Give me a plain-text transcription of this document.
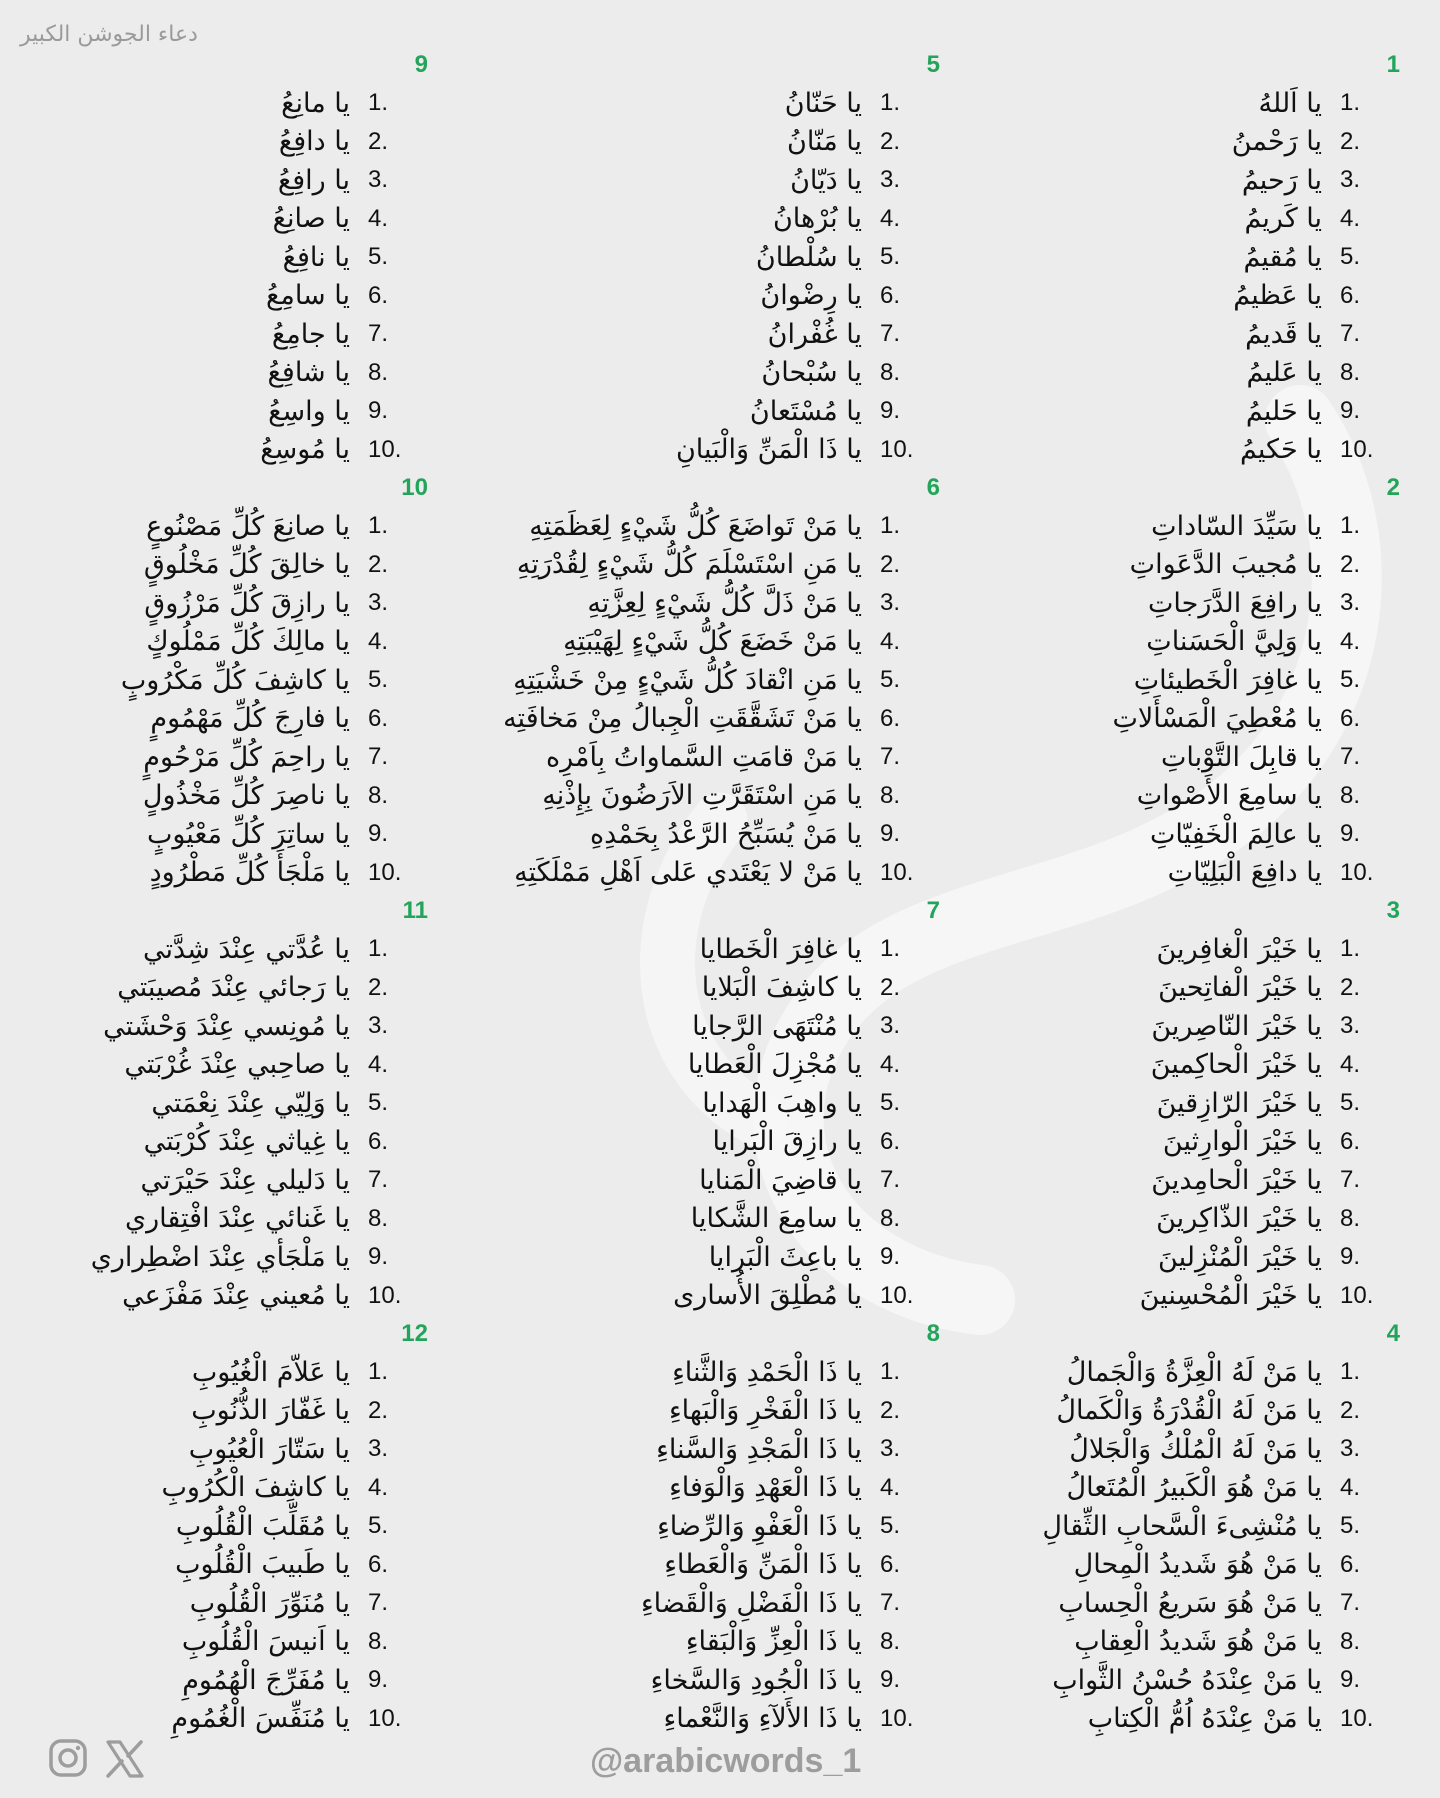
دعاء الجوشن الكبير
1
1.
يا اَللهُ
2.
يا رَحْمنُ
3.
يا رَحيمُ
4.
يا كَريمُ
5.
يا مُقيمُ
6.
يا عَظيمُ
7.
يا قَديمُ
8.
يا عَليمُ
9.
يا حَليمُ
10.
يا حَكيمُ
2
1.
يا سَيِّدَ السّاداتِ
2.
يا مُجيبَ الدَّعَواتِ
3.
يا رافِعَ الدَّرَجاتِ
4.
يا وَلِيَّ الْحَسَناتِ
5.
يا غافِرَ الْخَطيئاتِ
6.
يا مُعْطِيَ الْمَسْأَلاتِ
7.
يا قابِلَ التَّوْباتِ
8.
يا سامِعَ الأَصْواتِ
9.
يا عالِمَ الْخَفِيّاتِ
10.
يا دافِعَ الْبَلِيّاتِ
3
1.
يا خَيْرَ الْغافِرينَ
2.
يا خَيْرَ الْفاتِحينَ
3.
يا خَيْرَ النّاصِرينَ
4.
يا خَيْرَ الْحاكِمينَ
5.
يا خَيْرَ الرّازِقينَ
6.
يا خَيْرَ الْوارِثينَ
7.
يا خَيْرَ الْحامِدينَ
8.
يا خَيْرَ الذّاكِرينَ
9.
يا خَيْرَ الْمُنْزِلينَ
10.
يا خَيْرَ الْمُحْسِنينَ
4
1.
يا مَنْ لَهُ الْعِزَّةُ وَالْجَمالُ
2.
يا مَنْ لَهُ الْقُدْرَةُ وَالْكَمالُ
3.
يا مَنْ لَهُ الْمُلْكُ وَالْجَلالُ
4.
يا مَنْ هُوَ الْكَبيرُ الْمُتَعالُ
5.
يا مُنْشِىءَ الْسَّحابِ الثِّقالِ
6.
يا مَنْ هُوَ شَديدُ الْمِحالِ
7.
يا مَنْ هُوَ سَريعُ الْحِسابِ
8.
يا مَنْ هُوَ شَديدُ الْعِقابِ
9.
يا مَنْ عِنْدَهُ حُسْنُ الثَّوابِ
10.
يا مَنْ عِنْدَهُ اُمُّ الْكِتابِ
5
1.
يا حَنّانُ
2.
يا مَنّانُ
3.
يا دَيّانُ
4.
يا بُرْهانُ
5.
يا سُلْطانُ
6.
يا رِضْوانُ
7.
يا غُفْرانُ
8.
يا سُبْحانُ
9.
يا مُسْتَعانُ
10.
يا ذَا الْمَنِّ وَالْبَيانِ
6
1.
يا مَنْ تَواضَعَ كُلُّ شَيْءٍ لِعَظَمَتِهِ
2.
يا مَنِ اسْتَسْلَمَ كُلُّ شَيْءٍ لِقُدْرَتِهِ
3.
يا مَنْ ذَلَّ كُلُّ شَيْءٍ لِعِزَّتِهِ
4.
يا مَنْ خَضَعَ كُلُّ شَيْءٍ لِهَيْبَتِهِ
5.
يا مَنِ انْقادَ كُلُّ شَيْءٍ مِنْ خَشْيَتِهِ
6.
يا مَنْ تَشَقَّقَتِ الْجِبالُ مِنْ مَخافَتِه
7.
يا مَنْ قامَتِ السَّماواتُ بِاَمْرِه
8.
يا مَنِ اسْتَقَرَّتِ الاَرَضُونَ بِإِذْنِهِ
9.
يا مَنْ يُسَبِّحُ الرَّعْدُ بِحَمْدِهِ
10.
يا مَنْ لا يَعْتَدي عَلى اَهْلِ مَمْلَكَتِهِ
7
1.
يا غافِرَ الْخَطايا
2.
يا كاشِفَ الْبَلايا
3.
يا مُنْتَهَى الرَّجايا
4.
يا مُجْزِلَ الْعَطايا
5.
يا واهِبَ الْهَدايا
6.
يا رازِقَ الْبَرايا
7.
يا قاضِيَ الْمَنايا
8.
يا سامِعَ الشَّكايا
9.
يا باعِثَ الْبَرايا
10.
يا مُطْلِقَ الأُسارى
8
1.
يا ذَا الْحَمْدِ وَالثَّناءِ
2.
يا ذَا الْفَخْرِ وَالْبَهاءِ
3.
يا ذَا الْمَجْدِ وَالسَّناءِ
4.
يا ذَا الْعَهْدِ وَالْوَفاءِ
5.
يا ذَا الْعَفْوِ وَالرِّضاءِ
6.
يا ذَا الْمَنِّ وَالْعَطاءِ
7.
يا ذَا الْفَضْلِ وَالْقَضاءِ
8.
يا ذَا الْعِزِّ وَالْبَقاءِ
9.
يا ذَا الْجُودِ وَالسَّخاءِ
10.
يا ذَا الأَلآءِ وَالنَّعْماءِ
9
1.
يا مانِعُ
2.
يا دافِعُ
3.
يا رافِعُ
4.
يا صانِعُ
5.
يا نافِعُ
6.
يا سامِعُ
7.
يا جامِعُ
8.
يا شافِعُ
9.
يا واسِعُ
10.
يا مُوسِعُ
10
1.
يا صانِعَ كُلِّ مَصْنُوعٍ
2.
يا خالِقَ كُلِّ مَخْلُوقٍ
3.
يا رازِقَ كُلِّ مَرْزُوقٍ
4.
يا مالِكَ كُلِّ مَمْلُوكٍ
5.
يا كاشِفَ كُلِّ مَكْرُوبٍ
6.
يا فارِجَ كُلِّ مَهْمُومٍ
7.
يا راحِمَ كُلِّ مَرْحُومٍ
8.
يا ناصِرَ كُلِّ مَخْذُولٍ
9.
يا ساتِرَ كُلِّ مَعْيُوبٍ
10.
يا مَلْجَأَ كُلِّ مَطْرُودٍ
11
1.
يا عُدَّتي عِنْدَ شِدَّتي
2.
يا رَجائي عِنْدَ مُصيبَتي
3.
يا مُونِسي عِنْدَ وَحْشَتي
4.
يا صاحِبي عِنْدَ غُرْبَتي
5.
يا وَلِيّي عِنْدَ نِعْمَتي
6.
يا غِياثي عِنْدَ كُرْبَتي
7.
يا دَليلي عِنْدَ حَيْرَتي
8.
يا غَنائي عِنْدَ افْتِقاري
9.
يا مَلْجَأي عِنْدَ اضْطِراري
10.
يا مُعيني عِنْدَ مَفْزَعي
12
1.
يا عَلاّمَ الْغُيُوبِ
2.
يا غَفّارَ الذُّنُوبِ
3.
يا سَتّارَ الْعُيُوبِ
4.
يا كاشِفَ الْكُرُوبِ
5.
يا مُقَلِّبَ الْقُلُوبِ
6.
يا طَبيبَ الْقُلُوبِ
7.
يا مُنَوِّرَ الْقُلُوبِ
8.
يا اَنيسَ الْقُلُوبِ
9.
يا مُفَرِّجَ الْهُمُومِ
10.
يا مُنَفِّسَ الْغُمُومِ
@arabicwords_1
